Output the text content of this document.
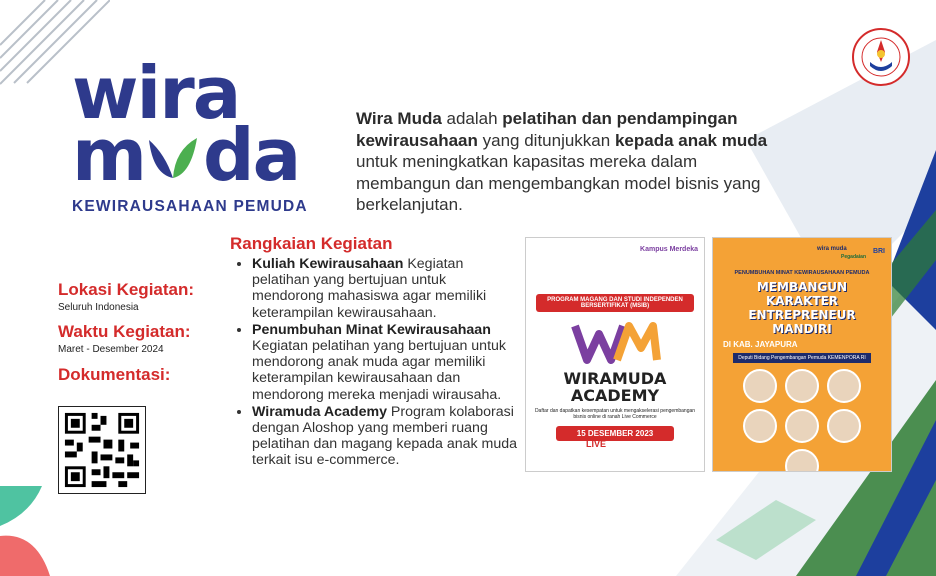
wira
m da
KEWIRAUSAHAAN PEMUDA
Wira Muda adalah pelatihan dan pendampingan kewirausahaan yang ditunjukkan kepada anak muda untuk meningkatkan kapasitas mereka dalam membangun dan mengembangkan model bisnis yang berkelanjutan.
Lokasi Kegiatan:
Seluruh Indonesia
Waktu Kegiatan:
Maret - Desember 2024
Dokumentasi:
Rangkaian Kegiatan
• Kuliah Kewirausahaan Kegiatan pelatihan yang bertujuan untuk mendorong mahasiswa agar memiliki keterampilan kewirausahaan.
• Penumbuhan Minat Kewirausahaan Kegiatan pelatihan yang bertujuan untuk mendorong anak muda agar memiliki keterampilan kewirausahaan dan mendorong mereka menjadi wirausaha.
• Wiramuda Academy Program kolaborasi dengan Aloshop yang memberi ruang pelatihan dan magang kepada anak muda terkait isu e-commerce.
Kampus Merdeka
PROGRAM MAGANG DAN STUDI INDEPENDEN BERSERTIFIKAT (MSIB)
WIRAMUDA ACADEMY
Daftar dan dapatkan kesempatan untuk mengakselerasi pengembangan bisnis online di ranah Live Commerce
15 DESEMBER 2023
LIVE
wira muda
Pegadaian
BRI
PENUMBUHAN MINAT KEWIRAUSAHAAN PEMUDA
MEMBANGUN KARAKTER ENTREPRENEUR MANDIRI
DI KAB. JAYAPURA
Deputi Bidang Pengembangan Pemuda KEMENPORA RI
